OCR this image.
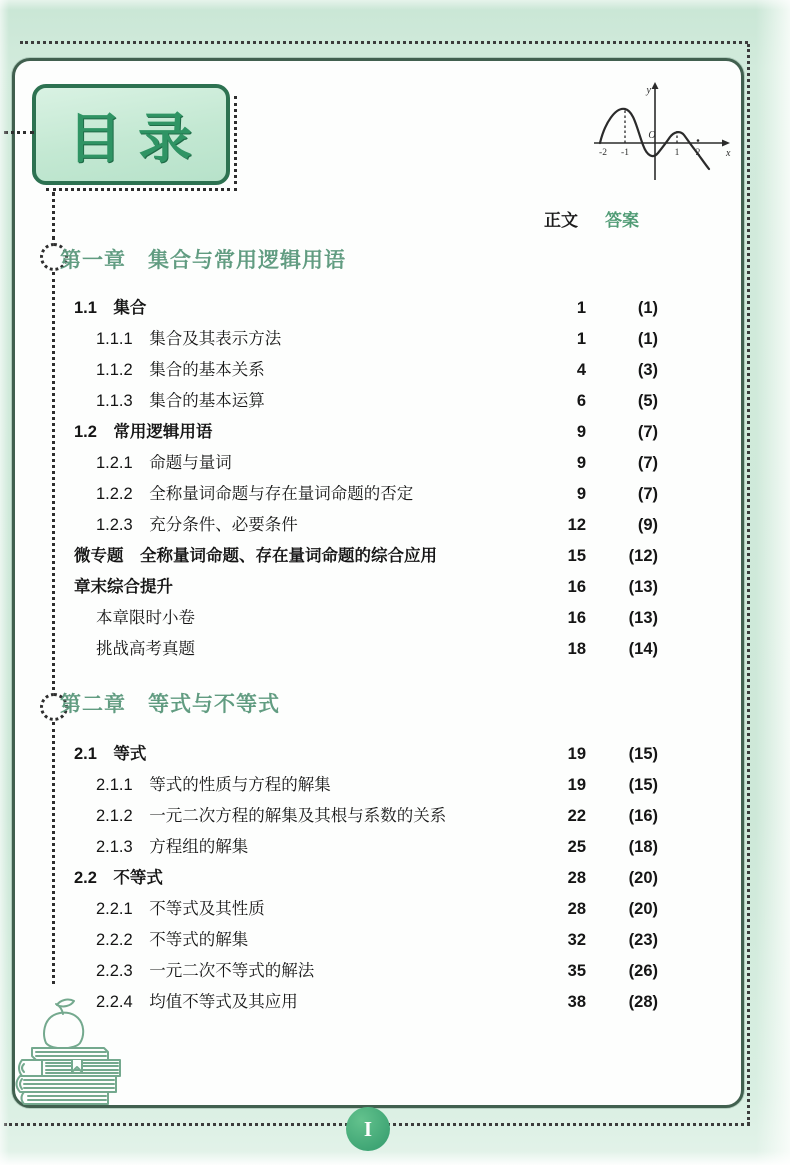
目录
y
x
O
-2 -1	1 2
正文	答案
第一章　集合与常用逻辑用语
1.1　集合	1	(1)
1.1.1　集合及其表示方法	1	(1)
1.1.2　集合的基本关系	4	(3)
1.1.3　集合的基本运算	6	(5)
1.2　常用逻辑用语	9	(7)
1.2.1　命题与量词	9	(7)
1.2.2　全称量词命题与存在量词命题的否定	9	(7)
1.2.3　充分条件、必要条件	12	(9)
微专题　全称量词命题、存在量词命题的综合应用	15	(12)
章末综合提升	16	(13)
本章限时小卷	16	(13)
挑战高考真题	18	(14)
第二章　等式与不等式
2.1　等式	19	(15)
2.1.1　等式的性质与方程的解集	19	(15)
2.1.2　一元二次方程的解集及其根与系数的关系	22	(16)
2.1.3　方程组的解集	25	(18)
2.2　不等式	28	(20)
2.2.1　不等式及其性质	28	(20)
2.2.2　不等式的解集	32	(23)
2.2.3　一元二次不等式的解法	35	(26)
2.2.4　均值不等式及其应用	38	(28)
I
